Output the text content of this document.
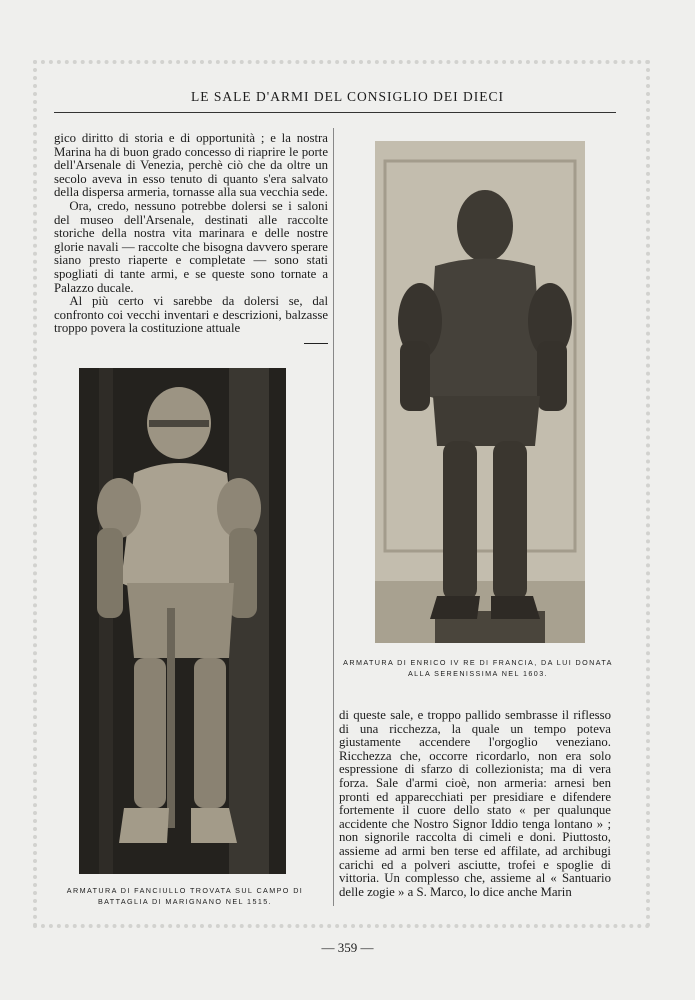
LE SALE D'ARMI DEL CONSIGLIO DEI DIECI

gico diritto di storia e di opportunità ; e la nostra Marina ha di buon grado concesso di riaprire le porte dell'Arsenale di Venezia, perchè ciò che da oltre un secolo aveva in esso tenuto di quanto s'era salvato della dispersa armeria, tornasse alla sua vecchia sede.

Ora, credo, nessuno potrebbe dolersi se i saloni del museo dell'Arsenale, destinati alle raccolte storiche della nostra vita marinara e delle nostre glorie navali — raccolte che bisogna davvero sperare siano presto riaperte e completate — sono stati spogliati di tante armi, e se queste sono tornate a Palazzo ducale.

Al più certo vi sarebbe da dolersi se, dal confronto coi vecchi inventari e descrizioni, balzasse troppo povera la costituzione attuale

ARMATURA DI FANCIULLO TROVATA SUL CAMPO DI BATTAGLIA DI MARIGNANO NEL 1515.
ARMATURA DI ENRICO IV RE DI FRANCIA, DA LUI DONATA ALLA SERENISSIMA NEL 1603.

di queste sale, e troppo pallido sembrasse il riflesso di una ricchezza, la quale un tempo poteva giustamente accendere l'orgoglio veneziano. Ricchezza che, occorre ricordarlo, non era solo espressione di sfarzo di collezionista; ma di vera forza. Sale d'armi cioè, non armeria: arnesi ben pronti ed apparecchiati per presidiare e difendere fortemente il cuore dello stato « per qualunque accidente che Nostro Signor Iddio tenga lontano » ; non signorile raccolta di cimeli e doni. Piuttosto, assieme ad armi ben terse ed affilate, ad archibugi carichi ed a polveri asciutte, trofei e spoglie di vittoria. Un complesso che, assieme al « Santuario delle zogie » a S. Marco, lo dice anche Marin

— 359 —
